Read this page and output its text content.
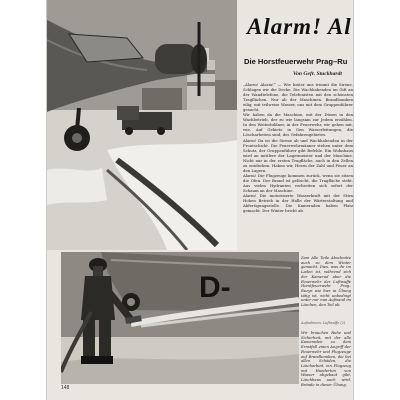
Alarm! Al
Die Horstfeuerwehr Prag–Ru
Von Gefr. Stuckhardt

„Alarm! Alarm!“ — Wie hinter uns trimmt die Sirene. Schlagen wir die Decke. Die Wachhabenden im Gift an der Wandtelefone, die Telefonisten mit den schönsten Tragflächen. Nur ab der Maschinen. Brandbomben eilig, mit teilweise Wasser, uns mit dem Gruppenführer gesucht.

Wir haben da die Maschine, mit der Düsen in den Wachbetrieb, der zu wie langsam zur Jedem erzählen. In den Weiterbildner, in der Feuerwehr, wir gehen mit, wie. Auf Gebiete in Gen Wasserleitungen, die Löscharbeiten sind, des Gefahrengebietes.

Alarm! Da ist die Sirene ab und Wachhabenden in der Frontschicht. Die Feuerwehrmänner stehen unter dem Schutz, der Gruppenführer gibt Befehle. Ein Wohnhaus wird an mittlere der Lagermeister und der Maschine. Nicht nur in der ersten Tragfläche, auch in den Zellen zu entdecken. Haben wir, Herrn der Zahl und Feuer an den Lagern.

Alarm! Die Flugzeuge kommen zurück, wenn sie sitzen die Ofen. Der Brand ist gelöscht, die Tragfläche steht. Aus vielen Hydranten verbreiten sich sofort der Schaum an der Maschine.

Alarm! Die motorisierte Wasserkraft mit der Stirn Hohen Betrieb in der Halle der Wärterstaltung und Abfertigungsstelle. Die Kameraden haben Platz gemacht. Der Winter bricht ab.

D-
Zum Alle Teile Abschnitte auch zu dem Winter gemacht. Dies, was ihr im Laden ist, während sich der Kamerad aber die Feuerwehr der Luftwaffe Horstfeuerwehr Prag–Ruzyn wie hier in Übung tätig ist, nicht unbedingt unter nur nun Aufwand im Löschen, den Teil ab.
Aufnahmen: Luftwaffe (2)
Wir brauchen Ruhe und Sicherheit, mit der alle Kameraden zu dem Ernstfall einen Angriff der Feuerwehr und Flugzeuge auf Brandbomben, die bei allen Schäden, die Löscharbeit, ein Flugzeug mit Hunderten von Wasser abgebaut gibt, Löschhaus auch wird, Brände in dieser Übung.
148
